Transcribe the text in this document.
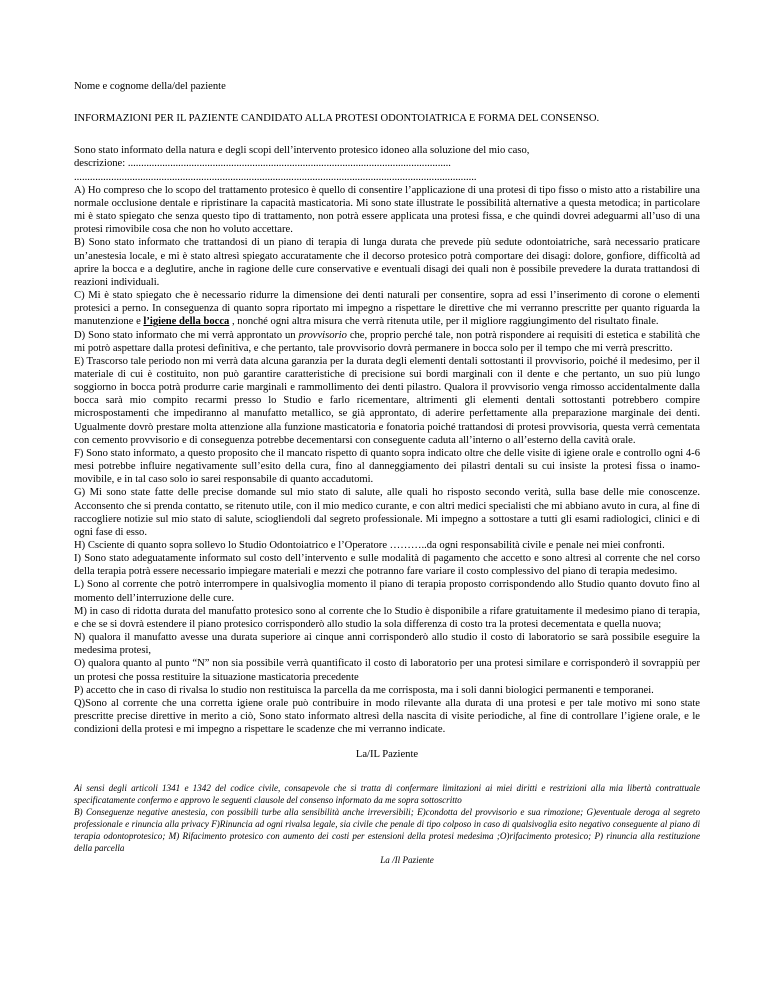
Nome e cognome della/del paziente

INFORMAZIONI PER IL PAZIENTE CANDIDATO ALLA PROTESI ODONTOIATRICA E FORMA DEL CONSENSO.

Sono stato informato della natura e degli scopi dell’intervento protesico idoneo alla soluzione del mio caso,

descrizione: ..........................................................................................................................

........................................................................................................................................................

A) Ho compreso che lo scopo del trattamento protesico è quello di consentire l’applicazione di una protesi di tipo fisso o misto atto a ristabilire una normale occlusione dentale e ripristinare la capacità masticatoria. Mi sono state illustrate le possibilità alternative a questa metodica; in particolare mi è stato spiegato che senza questo tipo di trattamento, non potrà essere applicata una protesi fissa, e che quindi dovrei adeguarmi all’uso di una protesi rimovibile cosa che non ho voluto accettare.

B) Sono stato informato che trattandosi di un piano di terapia di lunga durata che prevede più sedute odontoiatriche, sarà necessario praticare un’anestesia locale, e mi è stato altresì spiegato accuratamente che il decorso protesico potrà comportare dei disagi: dolore, gonfiore, difficoltà ad aprire la bocca e a deglutire, anche in ragione delle cure conservative e eventuali disagi dei quali non è possibile prevedere la durata trattandosi di reazioni individuali.

C) Mi è stato spiegato che è necessario ridurre la dimensione dei denti naturali per consentire, sopra ad essi l’inserimento di corone o elementi protesici a perno. In conseguenza di quanto sopra riportato mi impegno a rispettare le direttive che mi verranno prescritte per quanto riguarda la manutenzione e l’igiene della bocca , nonché ogni altra misura che verrà ritenuta utile, per il migliore raggiungimento del risultato finale.

D) Sono stato informato che mi verrà approntato un provvisorio che, proprio perché tale, non potrà rispondere ai requisiti di estetica e stabilità che mi potrò aspettare dalla protesi definitiva, e che pertanto, tale provvisorio dovrà permanere in bocca solo per il tempo che mi verrà prescritto.

E) Trascorso tale periodo non mi verrà data alcuna garanzia per la durata degli elementi dentali sottostanti il provvisorio, poiché il medesimo, per il materiale di cui è costituito, non può garantire caratteristiche di precisione sui bordi marginali con il dente e che pertanto, un suo più lungo soggiorno in bocca potrà produrre carie marginali e rammollimento dei denti pilastro. Qualora il provvisorio venga rimosso accidentalmente dalla bocca sarà mio compito recarmi presso lo Studio e farlo ricementare, altrimenti gli elementi dentali sottostanti potrebbero compire microspostamenti che impediranno al manufatto metallico, se già approntato, di aderire perfettamente alla preparazione marginale dei denti. Ugualmente dovrò prestare molta attenzione alla funzione masticatoria e fonatoria poiché trattandosi di protesi provvisoria, questa verrà cementata con cemento provvisorio e di conseguenza potrebbe decementarsi con conseguente caduta all’interno o all’esterno della cavità orale.

F) Sono stato informato, a questo proposito che il mancato rispetto di quanto sopra indicato oltre che delle visite di igiene orale e controllo ogni 4-6 mesi potrebbe influire negativamente sull’esito della cura, fino al danneggiamento dei pilastri dentali su cui insiste la protesi fissa o inamo-movibile, e in tal caso solo io sarei responsabile di quanto accadutomi.

G) Mi sono state fatte delle precise domande sul mio stato di salute, alle quali ho risposto secondo verità, sulla base delle mie conoscenze. Acconsento che si prenda contatto, se ritenuto utile, con il mio medico curante, e con altri medici specialisti che mi abbiano avuto in cura, al fine di raccogliere notizie sul mio stato di salute, sciogliendoli dal segreto professionale. Mi impegno a sottostare a tutti gli esami radiologici, clinici e di ogni fase di esso.

H) Csciente di quanto sopra sollevo lo Studio Odontoiatrico e l’Operatore ………..da ogni responsabilità civile e penale nei miei confronti.

I) Sono stato adeguatamente informato sul costo dell’intervento e sulle modalità di pagamento che accetto e sono altresì al corrente che nel corso della terapia potrà essere necessario impiegare materiali e mezzi che potranno fare variare il costo complessivo del piano di terapia medesimo.

L) Sono al corrente che potrò interrompere in qualsivoglia momento il piano di terapia proposto corrispondendo allo Studio quanto dovuto fino al momento dell’interruzione delle cure.

M) in caso di ridotta durata del manufatto protesico sono al corrente che lo Studio è disponibile a rifare gratuitamente il medesimo piano di terapia, e che se si dovrà estendere il piano protesico corrisponderò allo studio la sola differenza di costo tra la protesi decementata e quella nuova;

N) qualora il manufatto avesse una durata superiore ai cinque anni corrisponderò allo studio il costo di laboratorio se sarà possibile eseguire la medesima protesi,

O) qualora quanto al punto “N” non sia possibile verrà quantificato il costo di laboratorio per una protesi similare e corrisponderò il sovrappiù per un protesi che possa restituire la situazione masticatoria precedente

P) accetto che in caso di rivalsa lo studio non restituisca la parcella da me corrisposta, ma i soli danni biologici permanenti e temporanei.

Q)Sono al corrente che una corretta igiene orale può contribuire in modo rilevante alla durata di una protesi e per tale motivo mi sono state prescritte precise direttive in merito a ciò, Sono stato informato altresì della nascita di visite periodiche, al fine di controllare l’igiene orale, e le condizioni della protesi e mi impegno a rispettare le scadenze che mi verranno indicate.

La/IL Paziente

Ai sensi degli articoli 1341 e 1342 del codice civile, consapevole che si tratta di confermare limitazioni ai miei diritti e restrizioni alla mia libertà contrattuale specificatamente confermo e approvo le seguenti clausole del consenso informato da me sopra sottoscritto
B) Conseguenze negative anestesia, con possibili turbe alla sensibilità anche irreversibili; E)condotta del provvisorio e sua rimozione; G)eventuale deroga al segreto professionale e rinuncia alla privacy F)Rinuncia ad ogni rivalsa legale, sia civile che penale di tipo colposo in caso di qualsivoglia esito negativo conseguente al piano di terapia odontoprotesico; M) Rifacimento protesico con aumento dei costi per estensioni della protesi medesima ;O)rifacimento protesico; P) rinuncia alla restituzione della parcella
La /Il Paziente
